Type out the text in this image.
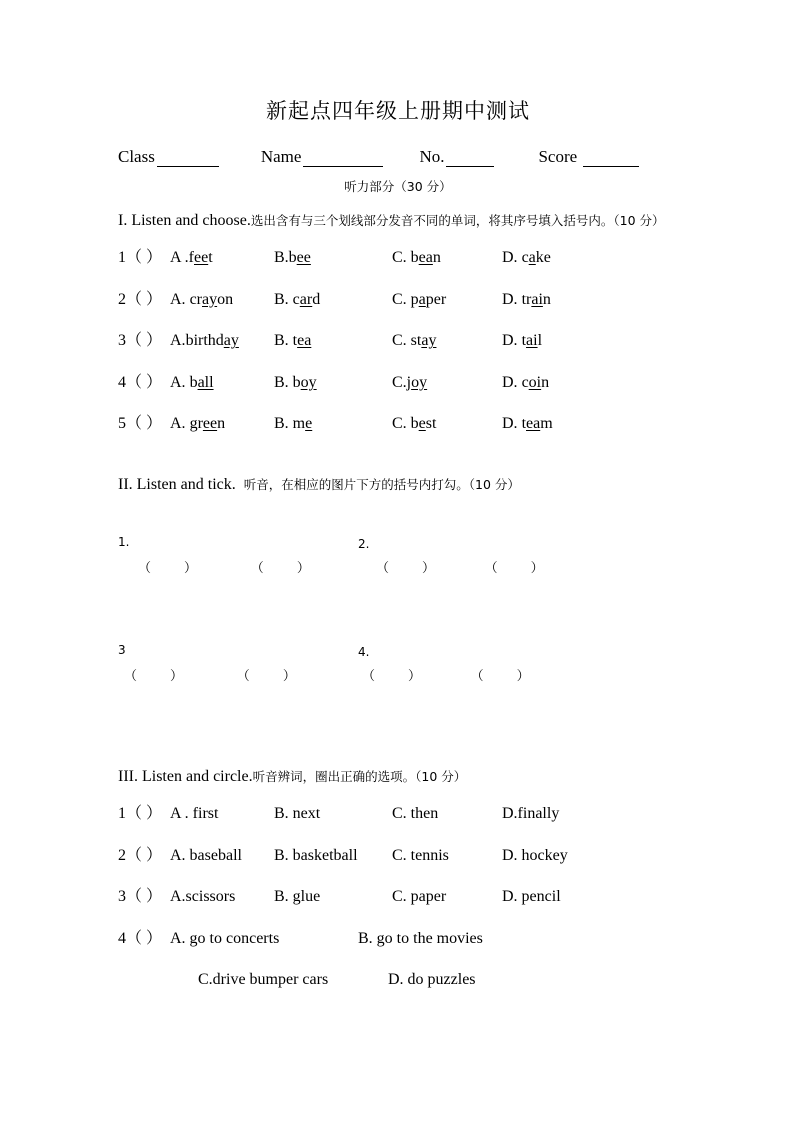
新起点四年级上册期中测试
Class	Name	No.	Score

听力部分（30 分）
I. Listen and choose.选出含有与三个划线部分发音不同的单词，将其序号填入括号内。（10 分）
1（ ） A .feet	B.bee	C. bean	D. cake
2（ ） A. crayon	B. card	C. paper	D. train
3（ ） A.birthday	B. tea	C. stay	D. tail
4（ ） A. ball	B. boy	C.joy	D. coin
5（ ） A. green	B. me	C. best	D. team
II. Listen and tick. 听音，在相应的图片下方的括号内打勾。（10 分）
1.	2.
（        ）             （        ）                （        ）            （        ）
3	4.
（        ）             （        ）                （        ）            （        ）
III. Listen and circle.听音辨词，圈出正确的选项。（10 分）
1（ ） A . first	B. next	C. then	D.finally
2（ ） A. baseball	B. basketball	C. tennis	D. hockey
3（ ） A.scissors	B. glue	C. paper	D. pencil
4（ ） A. go to concerts	B. go to the movies
C.drive bumper cars	D. do puzzles
